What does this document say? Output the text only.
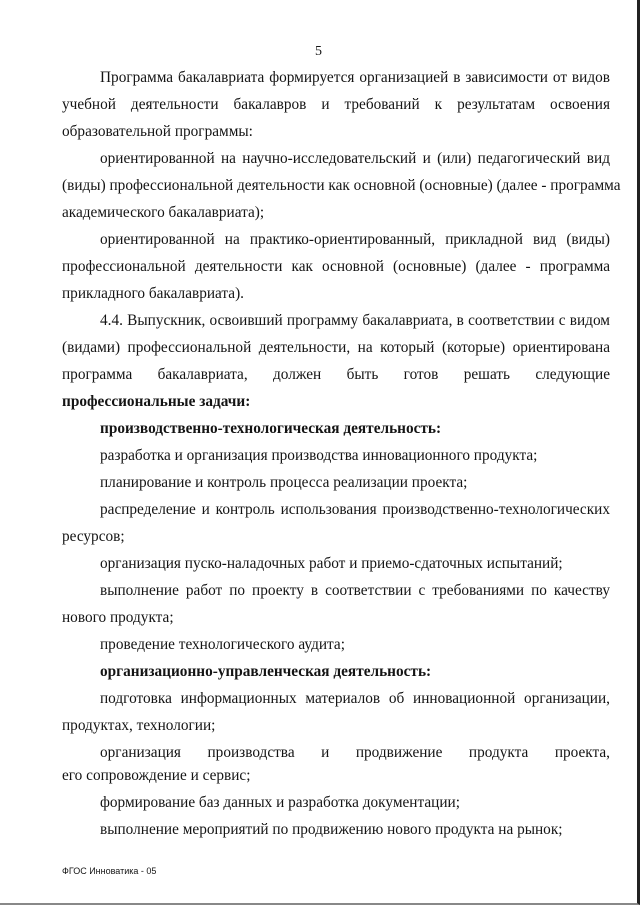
5
Программа бакалавриата формируется организацией в зависимости от видов
учебной деятельности бакалавров и требований к результатам освоения
образовательной программы:
ориентированной на научно-исследовательский и (или) педагогический вид
(виды) профессиональной деятельности как основной (основные) (далее - программа
академического бакалавриата);
ориентированной на практико-ориентированный, прикладной вид (виды)
профессиональной деятельности как основной (основные) (далее - программа
прикладного бакалавриата).
4.4. Выпускник, освоивший программу бакалавриата, в соответствии с видом
(видами) профессиональной деятельности, на который (которые) ориентирована
программа бакалавриата, должен быть готов решать следующие
профессиональные задачи:
производственно-технологическая деятельность:
разработка и организация производства инновационного продукта;
планирование и контроль процесса реализации проекта;
распределение и контроль использования производственно-технологических
ресурсов;
организация пуско-наладочных работ и приемо-сдаточных испытаний;
выполнение работ по проекту в соответствии с требованиями по качеству
нового продукта;
проведение технологического аудита;
организационно-управленческая деятельность:
подготовка информационных материалов об инновационной организации,
продуктах, технологии;
организация производства и продвижение продукта проекта,
его сопровождение и сервис;
формирование баз данных и разработка документации;
выполнение мероприятий по продвижению нового продукта на рынок;
ФГОС Инноватика - 05
